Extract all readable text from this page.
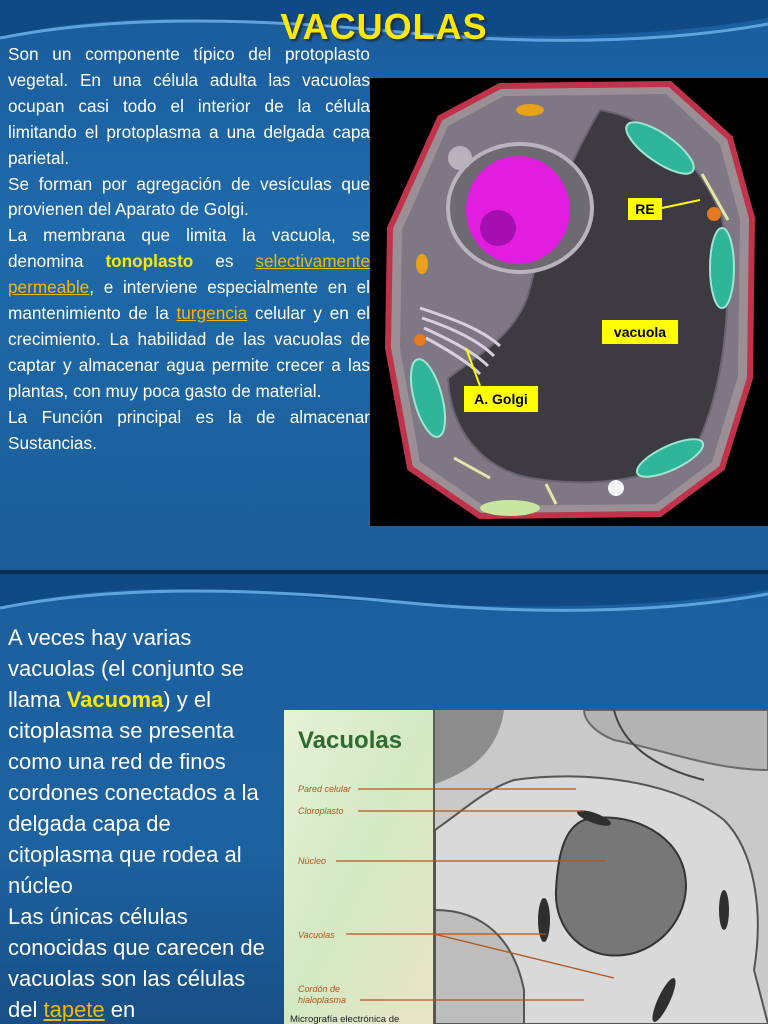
VACUOLAS

Son un componente típico del protoplasto vegetal. En una célula adulta las vacuolas ocupan casi todo el interior de la célula limitando el protoplasma a una delgada capa parietal.

Se forman por agregación de vesículas que provienen del Aparato de Golgi.

La membrana que limita la vacuola, se denomina tonoplasto es selectivamente permeable, e interviene especialmente en el mantenimiento de la turgencia celular y en el crecimiento. La habilidad de las vacuolas de captar y almacenar agua permite crecer a las plantas, con muy poca gasto de material.

La Función principal es la de almacenar Sustancias.

RE
vacuola
A. Golgi

A veces hay varias vacuolas (el conjunto se llama Vacuoma) y el citoplasma se presenta como una red de finos cordones conectados a la delgada capa de citoplasma que rodea al núcleo

Las únicas células conocidas que carecen de vacuolas son las células del tapete en

Vacuolas
Pared celular
Cloroplasto
Núcleo
Vacuolas
Cordón de
hialoplasma
Micrografía electrónica de
